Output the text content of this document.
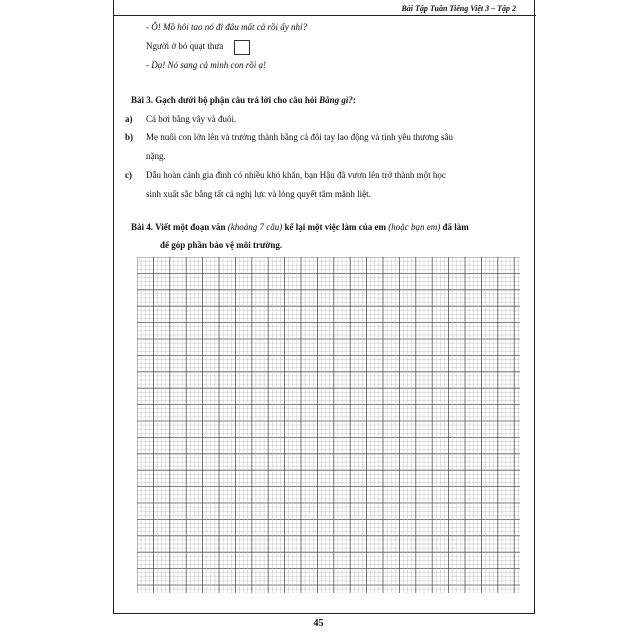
Bài Tập Tuần Tiếng Việt 3 – Tập 2
- Ô! Mồ hôi tao nó đi đâu mất cả rồi ấy nhỉ?
Người ở bỏ quạt thưa
- Dạ! Nó sang cả mình con rồi ạ!
Bài 3. Gạch dưới bộ phận câu trả lời cho câu hỏi Bằng gì?:
a) Cá bơi bằng vây và đuôi.
b) Mẹ nuôi con lớn lên và trưởng thành bằng cả đôi tay lao động và tình yêu thương sâu
nặng.
c) Dẫu hoàn cảnh gia đình có nhiều khó khăn, bạn Hậu đã vươn lên trở thành một học
sinh xuất sắc bằng tất cả nghị lực và lòng quyết tâm mãnh liệt.
Bài 4. Viết một đoạn văn (khoảng 7 câu) kể lại một việc làm của em (hoặc bạn em) đã làm
để góp phần bảo vệ môi trường.
45
